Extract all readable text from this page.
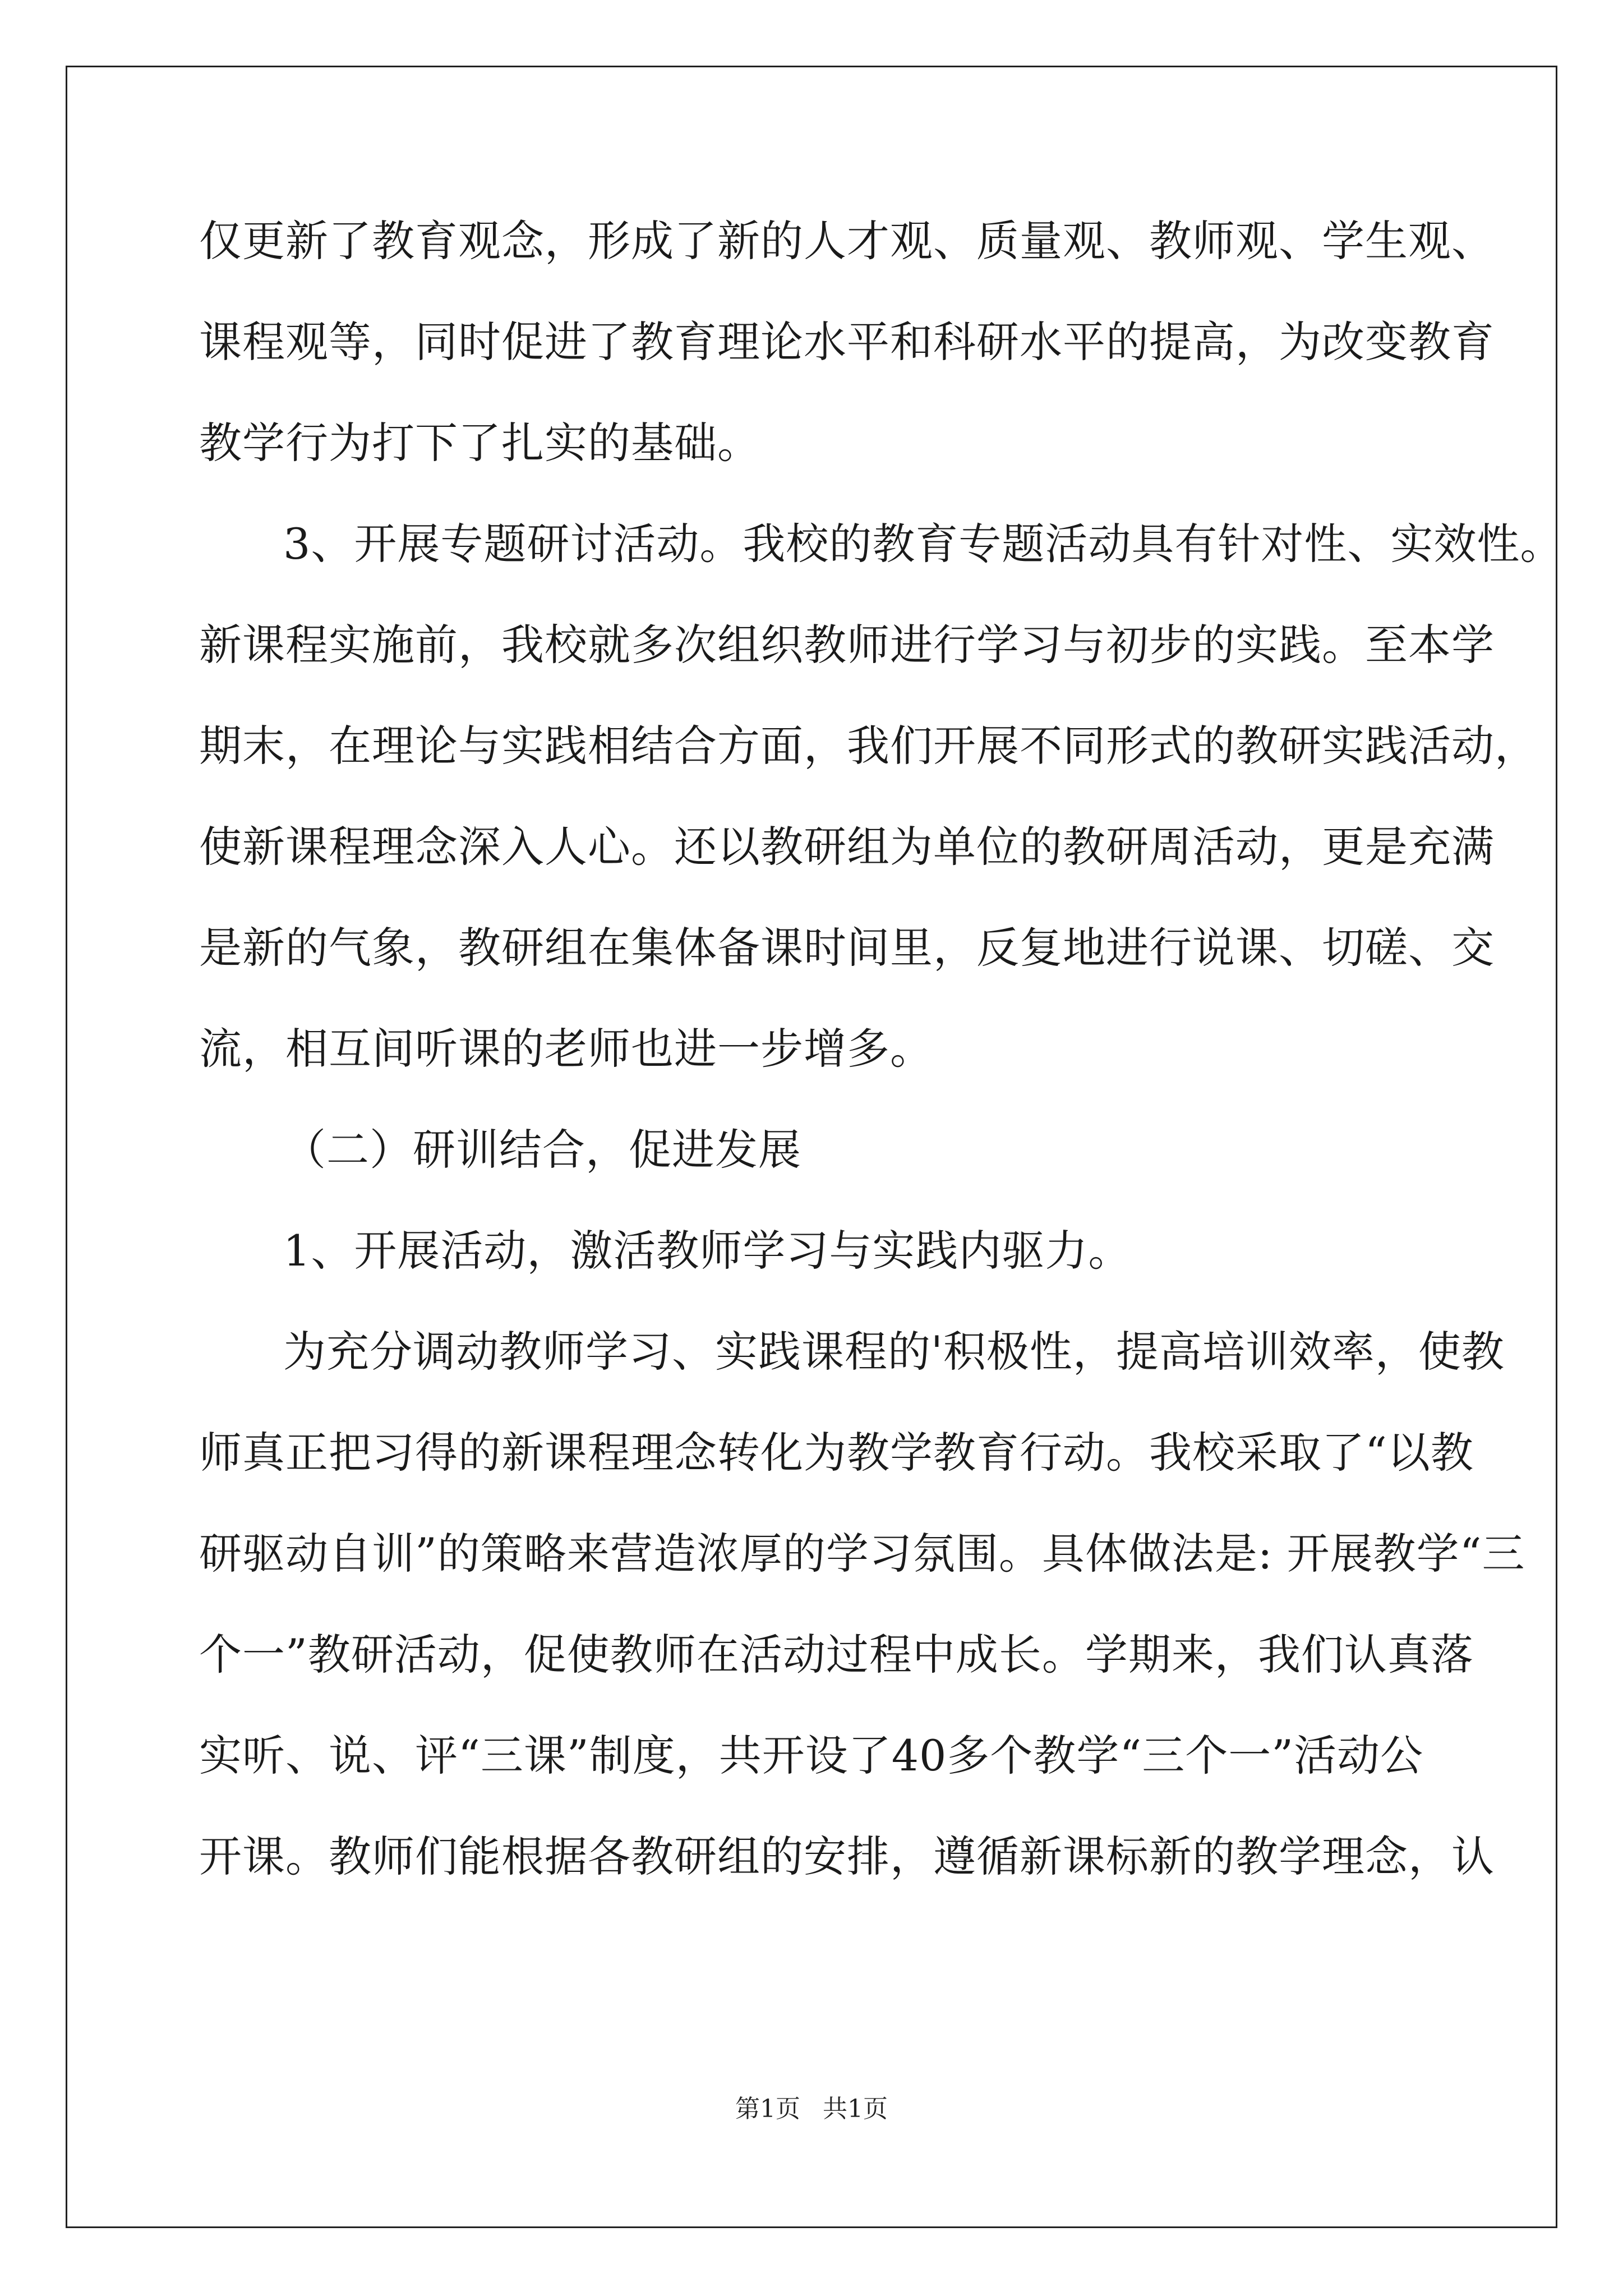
仅更新了教育观念，形成了新的人才观、质量观、教师观、学生观、
课程观等，同时促进了教育理论水平和科研水平的提高，为改变教育
教学行为打下了扎实的基础。
3、开展专题研讨活动。我校的教育专题活动具有针对性、实效性。
新课程实施前，我校就多次组织教师进行学习与初步的实践。至本学
期末，在理论与实践相结合方面，我们开展不同形式的教研实践活动，
使新课程理念深入人心。还以教研组为单位的教研周活动，更是充满
是新的气象，教研组在集体备课时间里，反复地进行说课、切磋、交
流，相互间听课的老师也进一步增多。
（二）研训结合，促进发展
1、开展活动，激活教师学习与实践内驱力。
为充分调动教师学习、实践课程的'积极性，提高培训效率，使教
师真正把习得的新课程理念转化为教学教育行动。我校采取了“以教
研驱动自训”的策略来营造浓厚的学习氛围。具体做法是: 开展教学“三
个一”教研活动，促使教师在活动过程中成长。学期来，我们认真落
实听、说、评“三课”制度，共开设了40多个教学“三个一”活动公
开课。教师们能根据各教研组的安排，遵循新课标新的教学理念，认
第1页 共1页
